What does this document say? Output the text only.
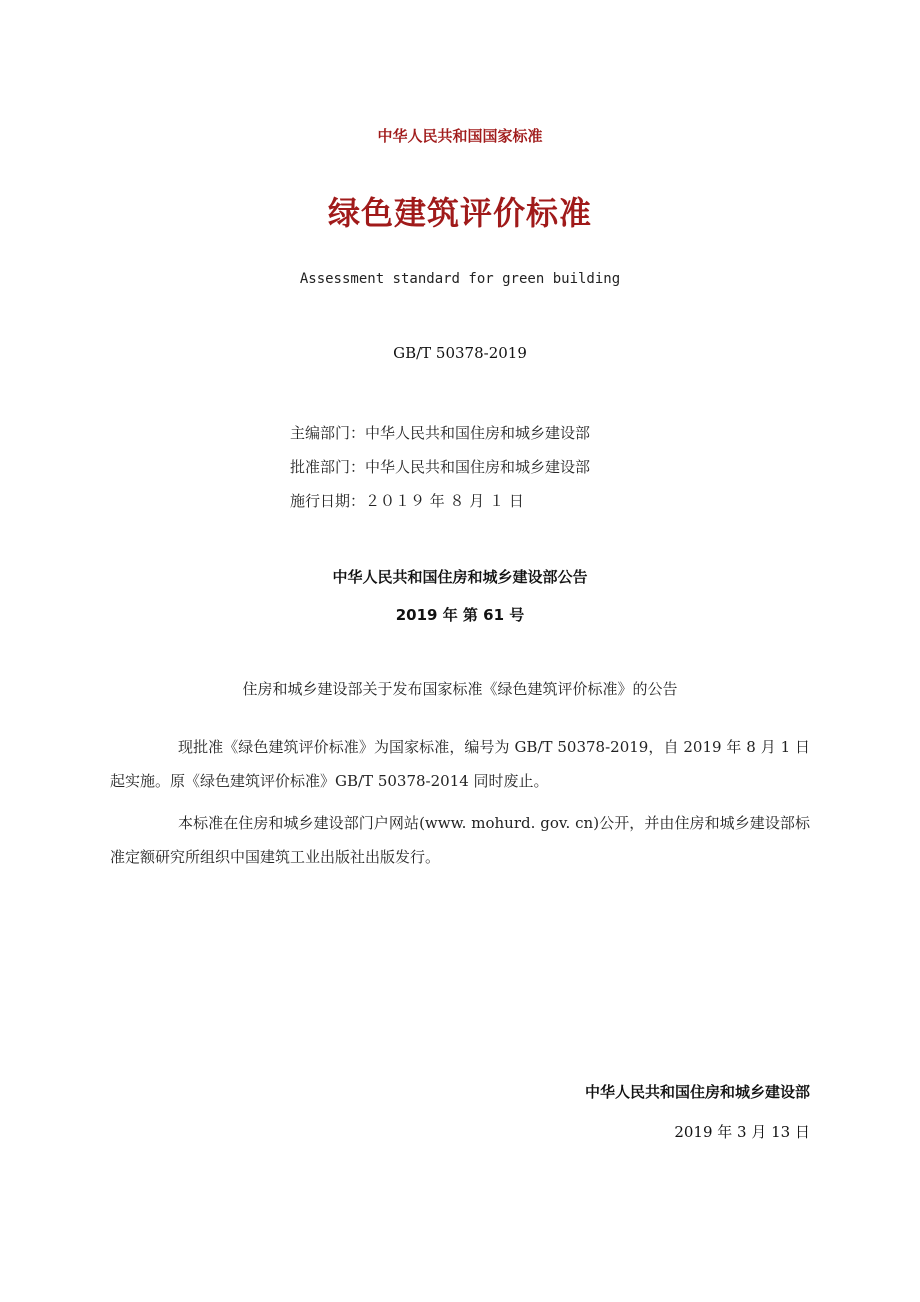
中华人民共和国国家标准
绿色建筑评价标准
Assessment standard for green building
GB/T 50378-2019
主编部门：中华人民共和国住房和城乡建设部
批准部门：中华人民共和国住房和城乡建设部
施行日期：２０１９ 年 ８ 月 １ 日
中华人民共和国住房和城乡建设部公告
2019 年 第 61 号
住房和城乡建设部关于发布国家标准《绿色建筑评价标准》的公告

现批准《绿色建筑评价标准》为国家标准，编号为 GB/T 50378-2019，自 2019 年 8 月 1 日起实施。原《绿色建筑评价标准》GB/T 50378-2014 同时废止。

本标准在住房和城乡建设部门户网站(www. mohurd. gov. cn)公开，并由住房和城乡建设部标准定额研究所组织中国建筑工业出版社出版发行。

中华人民共和国住房和城乡建设部
2019 年 3 月 13 日
